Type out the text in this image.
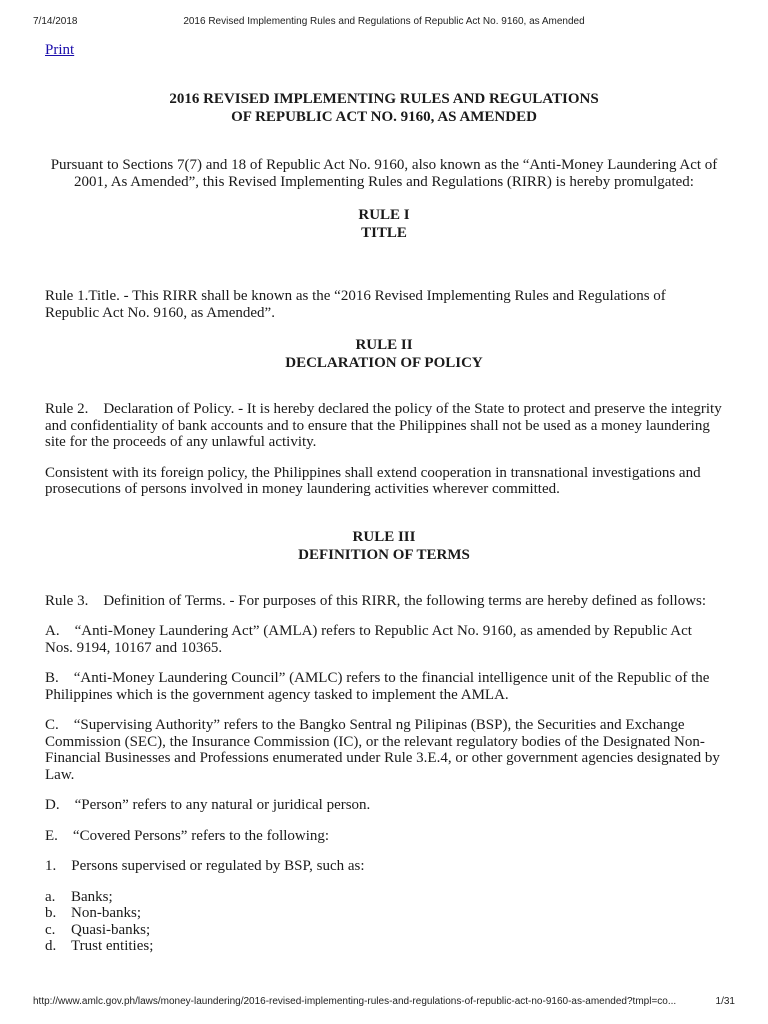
7/14/2018	2016 Revised Implementing Rules and Regulations of Republic Act No. 9160, as Amended
Print

2016 REVISED IMPLEMENTING RULES AND REGULATIONS

OF REPUBLIC ACT NO. 9160, AS AMENDED

Pursuant to Sections 7(7) and 18 of Republic Act No. 9160, also known as the “Anti-Money Laundering Act of 2001, As Amended”, this Revised Implementing Rules and Regulations (RIRR) is hereby promulgated:

RULE I

TITLE

Rule 1.Title. - This RIRR shall be known as the “2016 Revised Implementing Rules and Regulations of Republic Act No. 9160, as Amended”.

RULE II

DECLARATION OF POLICY

Rule 2.    Declaration of Policy. - It is hereby declared the policy of the State to protect and preserve the integrity and confidentiality of bank accounts and to ensure that the Philippines shall not be used as a money laundering site for the proceeds of any unlawful activity.

Consistent with its foreign policy, the Philippines shall extend cooperation in transnational investigations and prosecutions of persons involved in money laundering activities wherever committed.

RULE III

DEFINITION OF TERMS

Rule 3.    Definition of Terms. - For purposes of this RIRR, the following terms are hereby defined as follows:

A.    “Anti-Money Laundering Act” (AMLA) refers to Republic Act No. 9160, as amended by Republic Act Nos. 9194, 10167 and 10365.

B.    “Anti-Money Laundering Council” (AMLC) refers to the financial intelligence unit of the Republic of the Philippines which is the government agency tasked to implement the AMLA.

C.    “Supervising Authority” refers to the Bangko Sentral ng Pilipinas (BSP), the Securities and Exchange Commission (SEC), the Insurance Commission (IC), or the relevant regulatory bodies of the Designated Non-Financial Businesses and Professions enumerated under Rule 3.E.4, or other government agencies designated by Law.

D.    “Person” refers to any natural or juridical person.

E.    “Covered Persons” refers to the following:

1.    Persons supervised or regulated by BSP, such as:

a.	Banks;
b. Non-banks;
c.	Quasi-banks;
d. Trust entities;
http://www.amlc.gov.ph/laws/money-laundering/2016-revised-implementing-rules-and-regulations-of-republic-act-no-9160-as-amended?tmpl=co...	1/31
